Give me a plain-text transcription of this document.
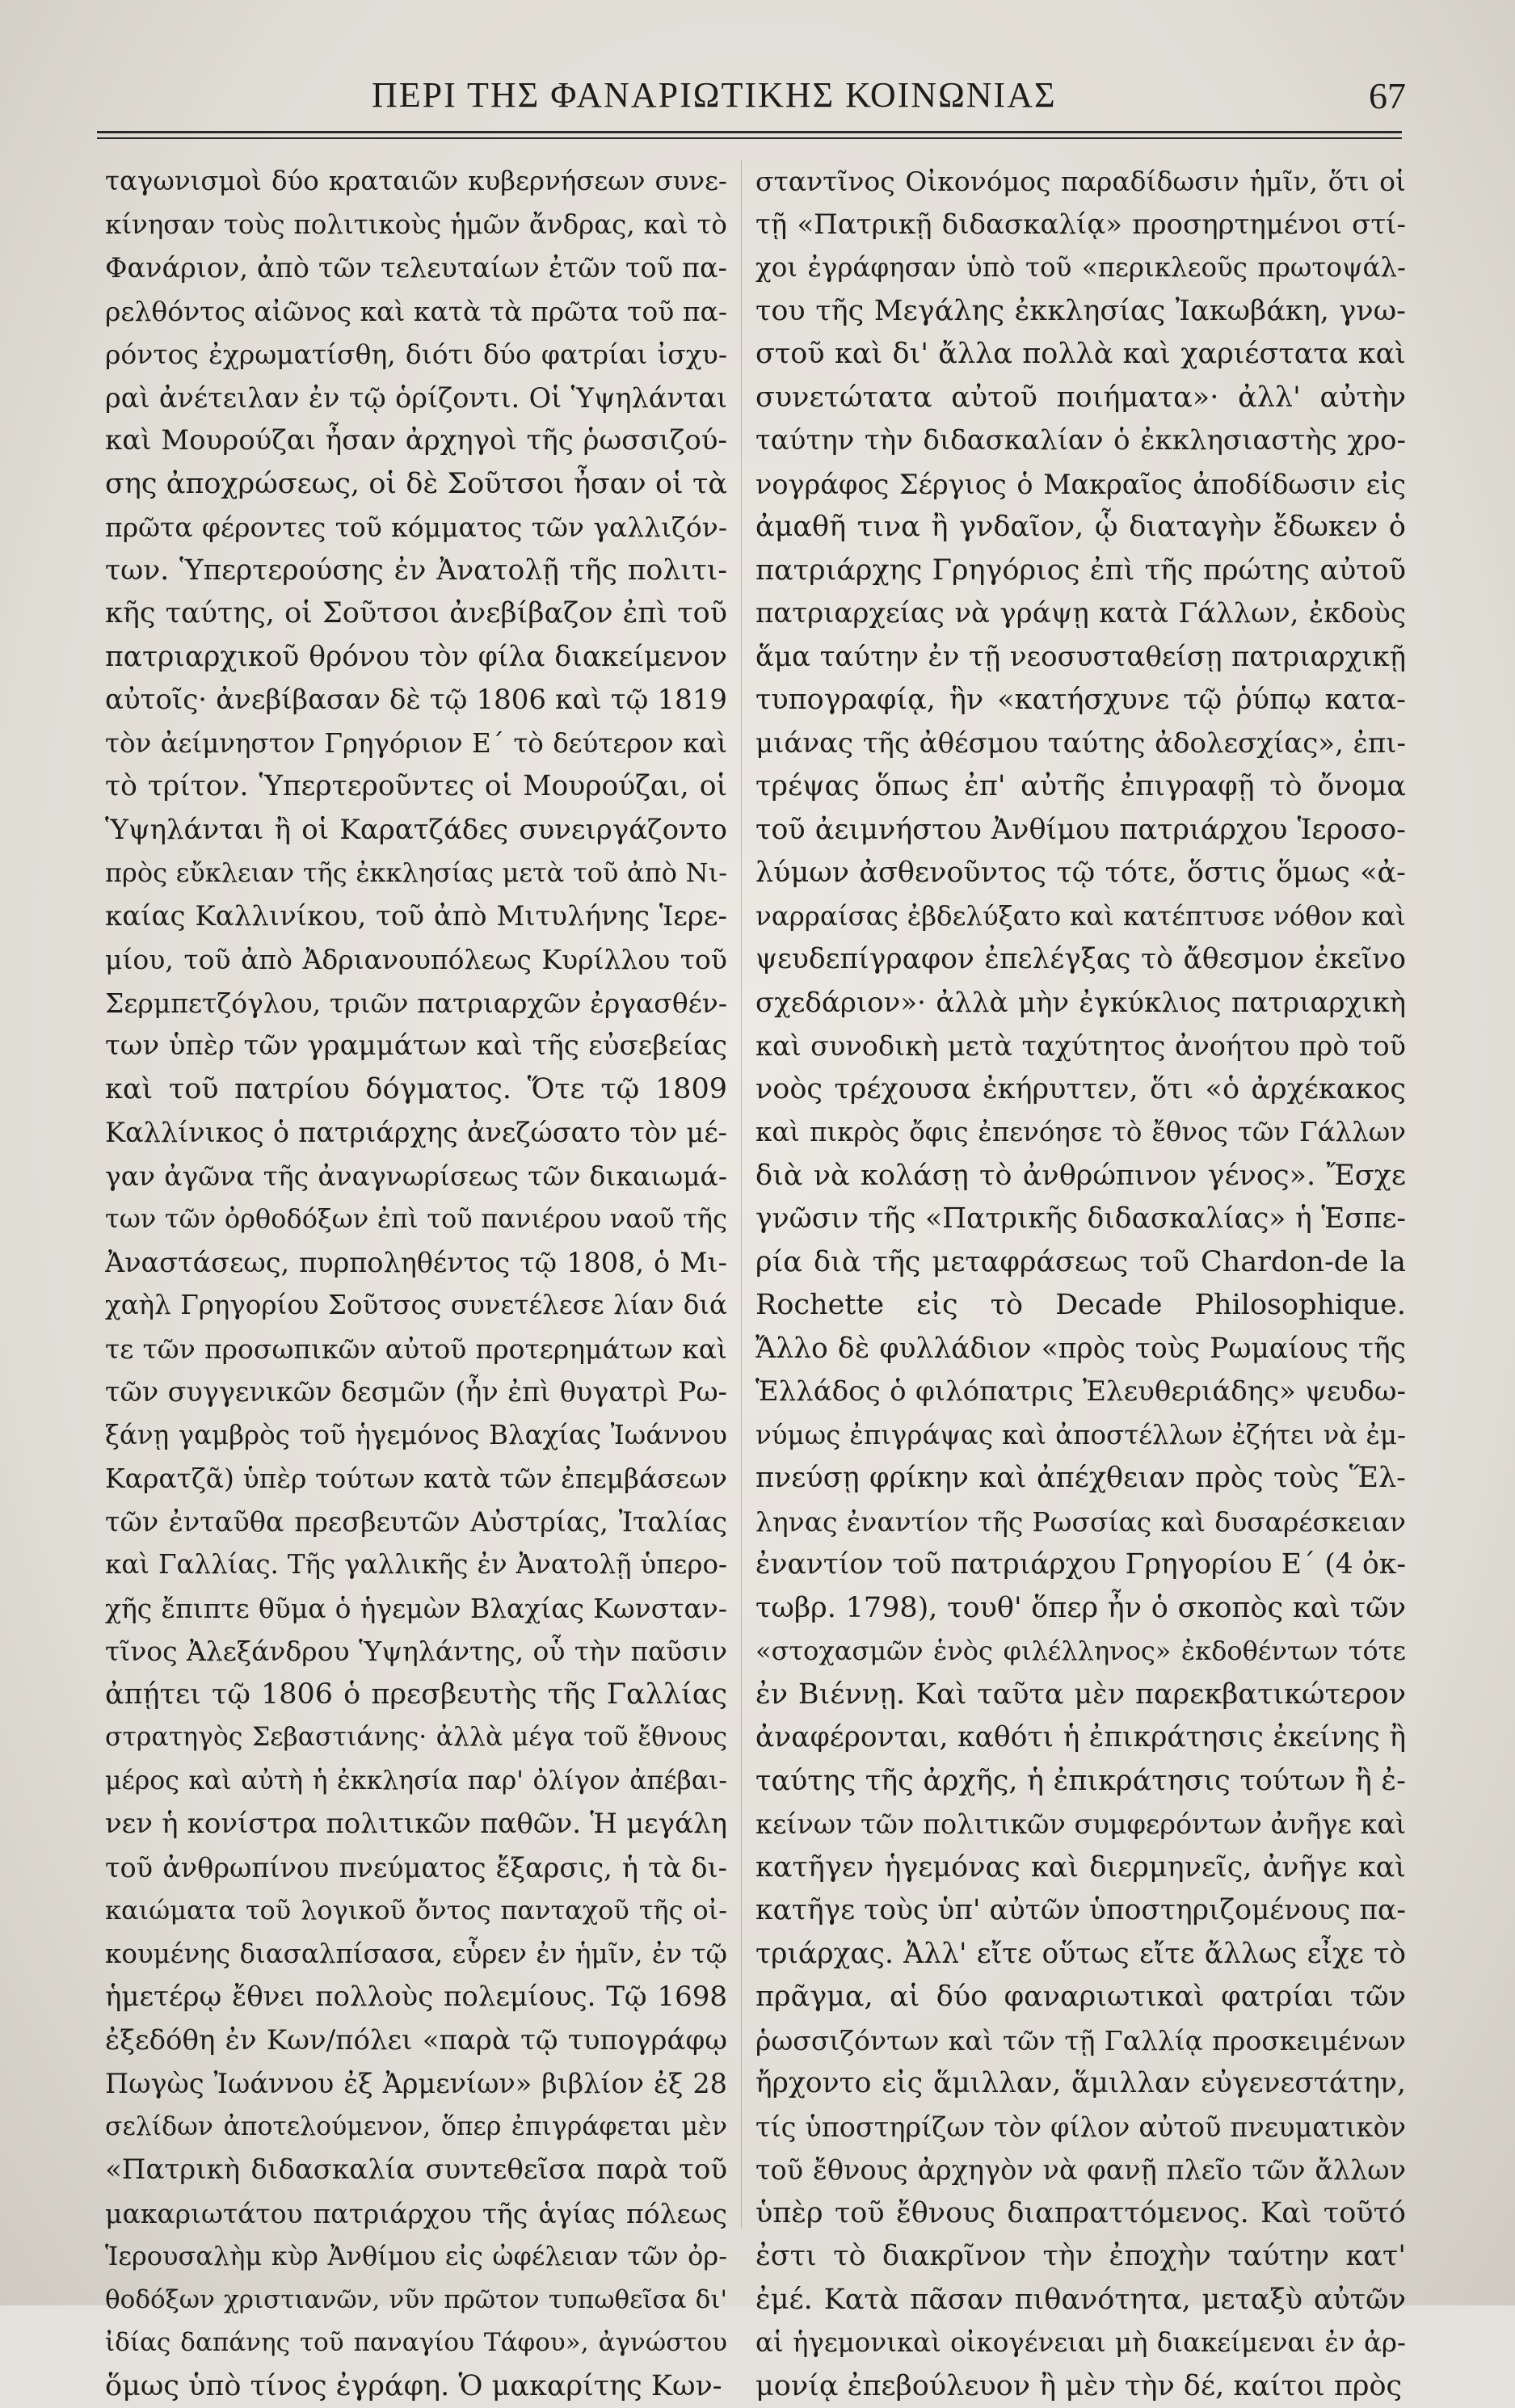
ΠΕΡΙ ΤΗΣ ΦΑΝΑΡΙΩΤΙΚΗΣ ΚΟΙΝΩΝΙΑΣ	67
ταγωνισμοὶ δύο κραταιῶν κυβερνήσεων συνε-
κίνησαν τοὺς πολιτικοὺς ἡμῶν ἄνδρας, καὶ τὸ
Φανάριον, ἀπὸ τῶν τελευταίων ἐτῶν τοῦ πα-
ρελθόντος αἰῶνος καὶ κατὰ τὰ πρῶτα τοῦ πα-
ρόντος ἐχρωματίσθη, διότι δύο φατρίαι ἰσχυ-
ραὶ ἀνέτειλαν ἐν τῷ ὁρίζοντι. Οἱ Ὑψηλάνται
καὶ Μουρούζαι ἦσαν ἀρχηγοὶ τῆς ῥωσσιζού-
σης ἀποχρώσεως, οἱ δὲ Σοῦτσοι ἦσαν οἱ τὰ
πρῶτα φέροντες τοῦ κόμματος τῶν γαλλιζόν-
των. Ὑπερτερούσης ἐν Ἀνατολῇ τῆς πολιτι-
κῆς ταύτης, οἱ Σοῦτσοι ἀνεβίβαζον ἐπὶ τοῦ
πατριαρχικοῦ θρόνου τὸν φίλα διακείμενον
αὐτοῖς· ἀνεβίβασαν δὲ τῷ 1806 καὶ τῷ 1819
τὸν ἀείμνηστον Γρηγόριον Ε΄ τὸ δεύτερον καὶ
τὸ τρίτον. Ὑπερτεροῦντες οἱ Μουρούζαι, οἱ
Ὑψηλάνται ἢ οἱ Καρατζάδες συνειργάζοντο
πρὸς εὔκλειαν τῆς ἐκκλησίας μετὰ τοῦ ἀπὸ Νι-
καίας Καλλινίκου, τοῦ ἀπὸ Μιτυλήνης Ἱερε-
μίου, τοῦ ἀπὸ Ἀδριανουπόλεως Κυρίλλου τοῦ
Σερμπετζόγλου, τριῶν πατριαρχῶν ἐργασθέν-
των ὑπὲρ τῶν γραμμάτων καὶ τῆς εὐσεβείας
καὶ τοῦ πατρίου δόγματος. Ὅτε τῷ 1809
Καλλίνικος ὁ πατριάρχης ἀνεζώσατο τὸν μέ-
γαν ἀγῶνα τῆς ἀναγνωρίσεως τῶν δικαιωμά-
των τῶν ὀρθοδόξων ἐπὶ τοῦ πανιέρου ναοῦ τῆς
Ἀναστάσεως, πυρποληθέντος τῷ 1808, ὁ Μι-
χαὴλ Γρηγορίου Σοῦτσος συνετέλεσε λίαν διά
τε τῶν προσωπικῶν αὐτοῦ προτερημάτων καὶ
τῶν συγγενικῶν δεσμῶν (ἦν ἐπὶ θυγατρὶ Ρω-
ξάνῃ γαμβρὸς τοῦ ἡγεμόνος Βλαχίας Ἰωάννου
Καρατζᾶ) ὑπὲρ τούτων κατὰ τῶν ἐπεμβάσεων
τῶν ἐνταῦθα πρεσβευτῶν Αὐστρίας, Ἰταλίας
καὶ Γαλλίας. Τῆς γαλλικῆς ἐν Ἀνατολῇ ὑπερο-
χῆς ἔπιπτε θῦμα ὁ ἡγεμὼν Βλαχίας Κωνσταν-
τῖνος Ἀλεξάνδρου Ὑψηλάντης, οὗ τὴν παῦσιν
ἀπῄτει τῷ 1806 ὁ πρεσβευτὴς τῆς Γαλλίας
στρατηγὸς Σεβαστιάνης· ἀλλὰ μέγα τοῦ ἔθνους
μέρος καὶ αὐτὴ ἡ ἐκκλησία παρ' ὀλίγον ἀπέβαι-
νεν ἡ κονίστρα πολιτικῶν παθῶν. Ἡ μεγάλη
τοῦ ἀνθρωπίνου πνεύματος ἔξαρσις, ἡ τὰ δι-
καιώματα τοῦ λογικοῦ ὄντος πανταχοῦ τῆς οἰ-
κουμένης διασαλπίσασα, εὗρεν ἐν ἡμῖν, ἐν τῷ
ἡμετέρῳ ἔθνει πολλοὺς πολεμίους. Τῷ 1698
ἐξεδόθη ἐν Κων/πόλει «παρὰ τῷ τυπογράφῳ
Πωγὼς Ἰωάννου ἐξ Ἀρμενίων» βιβλίον ἐξ 28
σελίδων ἀποτελούμενον, ὅπερ ἐπιγράφεται μὲν
«Πατρικὴ διδασκαλία συντεθεῖσα παρὰ τοῦ
μακαριωτάτου πατριάρχου τῆς ἁγίας πόλεως
Ἱερουσαλὴμ κὺρ Ἀνθίμου εἰς ὠφέλειαν τῶν ὀρ-
θοδόξων χριστιανῶν, νῦν πρῶτον τυπωθεῖσα δι'
ἰδίας δαπάνης τοῦ παναγίου Τάφου», ἀγνώστου
ὅμως ὑπὸ τίνος ἐγράφη. Ὁ μακαρίτης Κων-
σταντῖνος Οἰκονόμος παραδίδωσιν ἡμῖν, ὅτι οἱ
τῇ «Πατρικῇ διδασκαλίᾳ» προσηρτημένοι στί-
χοι ἐγράφησαν ὑπὸ τοῦ «περικλεοῦς πρωτοψάλ-
του τῆς Μεγάλης ἐκκλησίας Ἰακωβάκη, γνω-
στοῦ καὶ δι' ἄλλα πολλὰ καὶ χαριέστατα καὶ
συνετώτατα αὐτοῦ ποιήματα»· ἀλλ' αὐτὴν
ταύτην τὴν διδασκαλίαν ὁ ἐκκλησιαστὴς χρο-
νογράφος Σέργιος ὁ Μακραῖος ἀποδίδωσιν εἰς
ἀμαθῆ τινα ἢ γνδαῖον, ᾧ διαταγὴν ἔδωκεν ὁ
πατριάρχης Γρηγόριος ἐπὶ τῆς πρώτης αὐτοῦ
πατριαρχείας νὰ γράψῃ κατὰ Γάλλων, ἐκδοὺς
ἅμα ταύτην ἐν τῇ νεοσυσταθείσῃ πατριαρχικῇ
τυπογραφίᾳ, ἣν «κατήσχυνε τῷ ῥύπῳ κατα-
μιάνας τῆς ἀθέσμου ταύτης ἀδολεσχίας», ἐπι-
τρέψας ὅπως ἐπ' αὐτῆς ἐπιγραφῇ τὸ ὄνομα
τοῦ ἀειμνήστου Ἀνθίμου πατριάρχου Ἱεροσο-
λύμων ἀσθενοῦντος τῷ τότε, ὅστις ὅμως «ἀ-
ναρραίσας ἐβδελύξατο καὶ κατέπτυσε νόθον καὶ
ψευδεπίγραφον ἐπελέγξας τὸ ἄθεσμον ἐκεῖνο
σχεδάριον»· ἀλλὰ μὴν ἐγκύκλιος πατριαρχικὴ
καὶ συνοδικὴ μετὰ ταχύτητος ἀνοήτου πρὸ τοῦ
νοὸς τρέχουσα ἐκήρυττεν, ὅτι «ὁ ἀρχέκακος
καὶ πικρὸς ὄφις ἐπενόησε τὸ ἔθνος τῶν Γάλλων
διὰ νὰ κολάσῃ τὸ ἀνθρώπινον γένος». Ἔσχε
γνῶσιν τῆς «Πατρικῆς διδασκαλίας» ἡ Ἑσπε-
ρία διὰ τῆς μεταφράσεως τοῦ Chardon-de la
Rochette εἰς τὸ Decade Philosophique.
Ἄλλο δὲ φυλλάδιον «πρὸς τοὺς Ρωμαίους τῆς
Ἑλλάδος ὁ φιλόπατρις Ἐλευθεριάδης» ψευδω-
νύμως ἐπιγράψας καὶ ἀποστέλλων ἐζήτει νὰ ἐμ-
πνεύσῃ φρίκην καὶ ἀπέχθειαν πρὸς τοὺς Ἕλ-
ληνας ἐναντίον τῆς Ρωσσίας καὶ δυσαρέσκειαν
ἐναντίον τοῦ πατριάρχου Γρηγορίου Ε΄ (4 ὀκ-
τωβρ. 1798), τουθ' ὅπερ ἦν ὁ σκοπὸς καὶ τῶν
«στοχασμῶν ἑνὸς φιλέλληνος» ἐκδοθέντων τότε
ἐν Βιέννῃ. Καὶ ταῦτα μὲν παρεκβατικώτερον
ἀναφέρονται, καθότι ἡ ἐπικράτησις ἐκείνης ἢ
ταύτης τῆς ἀρχῆς, ἡ ἐπικράτησις τούτων ἢ ἐ-
κείνων τῶν πολιτικῶν συμφερόντων ἀνῆγε καὶ
κατῆγεν ἡγεμόνας καὶ διερμηνεῖς, ἀνῆγε καὶ
κατῆγε τοὺς ὑπ' αὐτῶν ὑποστηριζομένους πα-
τριάρχας. Ἀλλ' εἴτε οὕτως εἴτε ἄλλως εἶχε τὸ
πρᾶγμα, αἱ δύο φαναριωτικαὶ φατρίαι τῶν
ῥωσσιζόντων καὶ τῶν τῇ Γαλλίᾳ προσκειμένων
ἤρχοντο εἰς ἅμιλλαν, ἅμιλλαν εὐγενεστάτην,
τίς ὑποστηρίζων τὸν φίλον αὐτοῦ πνευματικὸν
τοῦ ἔθνους ἀρχηγὸν νὰ φανῇ πλεῖο τῶν ἄλλων
ὑπὲρ τοῦ ἔθνους διαπραττόμενος. Καὶ τοῦτό
ἐστι τὸ διακρῖνον τὴν ἐποχὴν ταύτην κατ'
ἐμέ. Κατὰ πᾶσαν πιθανότητα, μεταξὺ αὐτῶν
αἱ ἡγεμονικαὶ οἰκογένειαι μὴ διακείμεναι ἐν ἀρ-
μονίᾳ ἐπεβούλευον ἢ μὲν τὴν δέ, καίτοι πρὸς
